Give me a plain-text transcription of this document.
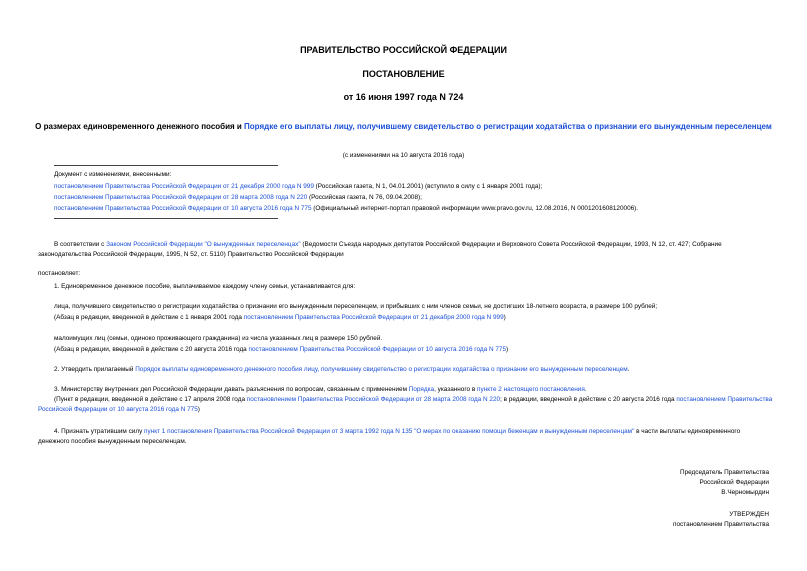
ПРАВИТЕЛЬСТВО РОССИЙСКОЙ ФЕДЕРАЦИИ
ПОСТАНОВЛЕНИЕ
от 16 июня 1997 года N 724
О размерах единовременного денежного пособия и Порядке его выплаты лицу, получившему свидетельство о регистрации ходатайства о признании его вынужденным переселенцем
(с изменениями на 10 августа 2016 года)
Документ с изменениями, внесенными:
постановлением Правительства Российской Федерации от 21 декабря 2000 года N 999 (Российская газета, N 1, 04.01.2001) (вступило в силу с 1 января 2001 года);
постановлением Правительства Российской Федерации от 28 марта 2008 года N 220 (Российская газета, N 76, 09.04.2008);
постановлением Правительства Российской Федерации от 10 августа 2016 года N 775 (Официальный интернет-портал правовой информации www.pravo.gov.ru, 12.08.2016, N 0001201608120006).
В соответствии с Законом Российской Федерации "О вынужденных переселенцах" (Ведомости Съезда народных депутатов Российской Федерации и Верховного Совета Российской Федерации, 1993, N 12, ст. 427; Собрание законодательства Российской Федерации, 1995, N 52, ст. 5110) Правительство Российской Федерации
постановляет:
1. Единовременное денежное пособие, выплачиваемое каждому члену семьи, устанавливается для:
лица, получившего свидетельство о регистрации ходатайства о признании его вынужденным переселенцем, и прибывших с ним членов семьи, не достигших 18-летнего возраста, в размере 100 рублей;
(Абзац в редакции, введенной в действие с 1 января 2001 года постановлением Правительства Российской Федерации от 21 декабря 2000 года N 999)
малоимущих лиц (семьи, одиноко проживающего гражданина) из числа указанных лиц в размере 150 рублей.
(Абзац в редакции, введенной в действие с 20 августа 2016 года постановлением Правительства Российской Федерации от 10 августа 2016 года N 775)
2. Утвердить прилагаемый Порядок выплаты единовременного денежного пособия лицу, получившему свидетельство о регистрации ходатайства о признании его вынужденным переселенцем.
3. Министерству внутренних дел Российской Федерации давать разъяснения по вопросам, связанным с применением Порядка, указанного в пункте 2 настоящего постановления.
(Пункт в редакции, введенной в действие с 17 апреля 2008 года постановлением Правительства Российской Федерации от 28 марта 2008 года N 220; в редакции, введенной в действие с 20 августа 2016 года постановлением Правительства Российской Федерации от 10 августа 2016 года N 775)
4. Признать утратившим силу пункт 1 постановления Правительства Российской Федерации от 3 марта 1992 года N 135 "О мерах по оказанию помощи беженцам и вынужденным переселенцам" в части выплаты единовременного денежного пособия вынужденным переселенцам.
Председатель Правительства
Российской Федерации
В.Черномырдин
УТВЕРЖДЕН
постановлением Правительства
